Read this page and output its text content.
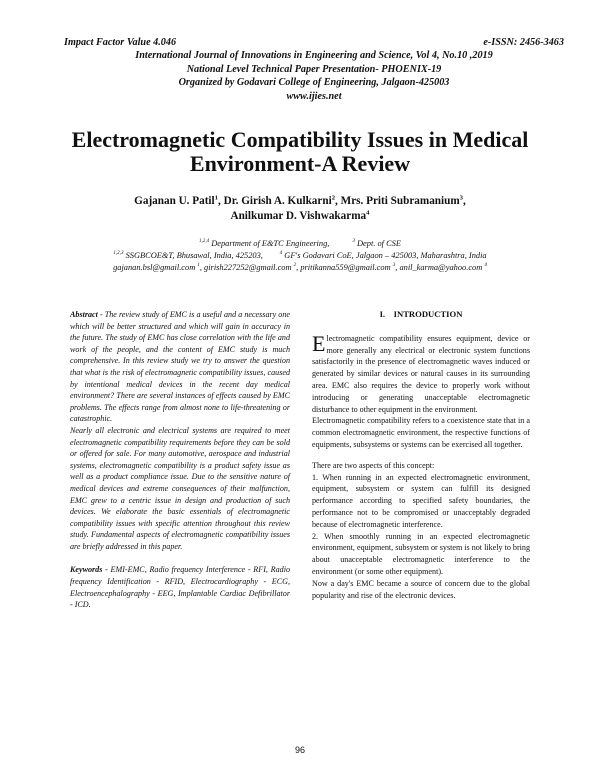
Impact Factor Value 4.046	e-ISSN: 2456-3463
International Journal of Innovations in Engineering and Science, Vol 4, No.10 ,2019
National Level Technical Paper Presentation- PHOENIX-19
Organized by Godavari College of Engineering, Jalgaon-425003
www.ijies.net
Electromagnetic Compatibility Issues in Medical
Environment-A Review
Gajanan U. Patil$^1$, Dr. Girish A. Kulkarni$^2$, Mrs. Priti Subramanium$^3$,
Anilkumar D. Vishwakarma$^4$
$^{1,2,4}$ Department of E&TC Engineering,	$^3$ Dept. of CSE
$^{1,2,3}$ SSGBCOE&T, Bhusawal, India, 425203,	$^4$ GF's Godavari CoE, Jalgaon – 425003, Maharashtra, India
gajanan.bsl@gmail.com $^1$, girish227252@gmail.com $^2$, pritikanna559@gmail.com $^3$, anil_karma@yahoo.com $^4$

Abstract - The review study of EMC is a useful and a necessary one which will be better structured and which will gain in accuracy in the future. The study of EMC has close correlation with the life and work of the people, and the content of EMC study is much comprehensive. In this review study we try to answer the question that what is the risk of electromagnetic compatibility issues, caused by intentional medical devices in the recent day medical environment? There are several instances of effects caused by EMC problems. The effects range from almost none to life-threatening or catastrophic.

Nearly all electronic and electrical systems are required to meet electromagnetic compatibility requirements before they can be sold or offered for sale. For many automotive, aerospace and industrial systems, electromagnetic compatibility is a product safety issue as well as a product compliance issue. Due to the sensitive nature of medical devices and extreme consequences of their malfunction, EMC grew to a centric issue in design and production of such devices. We elaborate the basic essentials of electromagnetic compatibility issues with specific attention throughout this review study. Fundamental aspects of electromagnetic compatibility issues are briefly addressed in this paper.

Keywords - EMI-EMC, Radio frequency Interference - RFI, Radio frequency Identification - RFID, Electrocardiography - ECG, Electroencephalography - EEG, Implantable Cardiac Defibrillator - ICD.

I. INTRODUCTION

Electromagnetic compatibility ensures equipment, device or more generally any electrical or electronic system functions satisfactorily in the presence of electromagnetic waves induced or generated by similar devices or natural causes in its surrounding area. EMC also requires the device to properly work without introducing or generating unacceptable electromagnetic disturbance to other equipment in the environment.

Electromagnetic compatibility refers to a coexistence state that in a common electromagnetic environment, the respective functions of equipments, subsystems or systems can be exercised all together.

There are two aspects of this concept:

1. When running in an expected electromagnetic environment, equipment, subsystem or system can fulfill its designed performance according to specified safety boundaries, the performance not to be compromised or unacceptably degraded because of electromagnetic interference.

2. When smoothly running in an expected electromagnetic environment, equipment, subsystem or system is not likely to bring about unacceptable electromagnetic interference to the environment (or some other equipment).

Now a day's EMC became a source of concern due to the global popularity and rise of the electronic devices.

96
